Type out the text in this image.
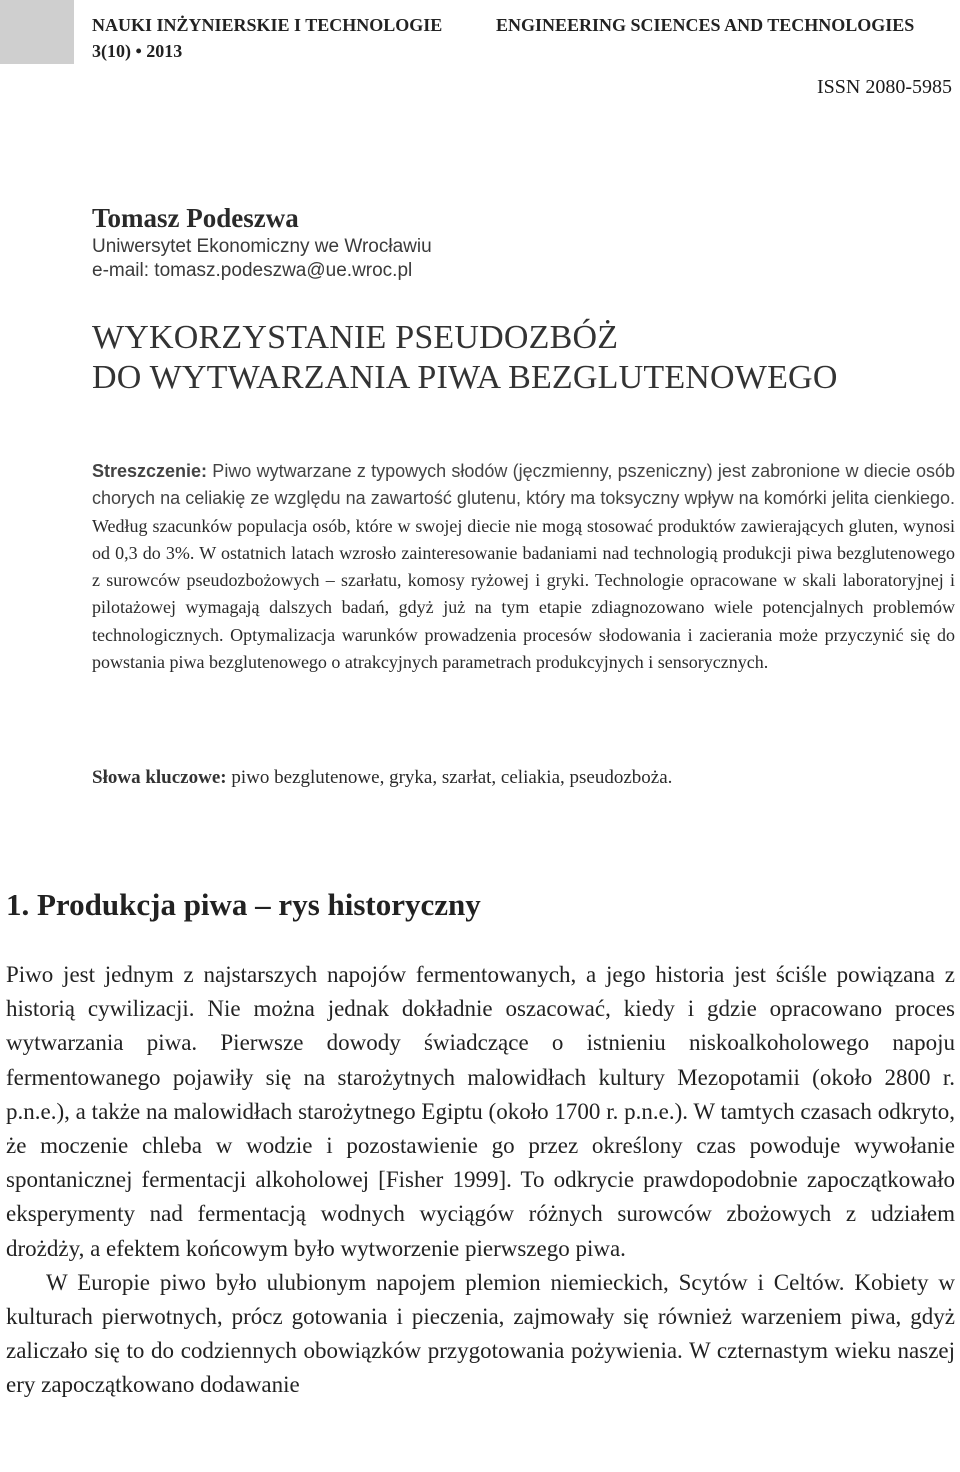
NAUKI INŻYNIERSKIE I TECHNOLOGIE
3(10) • 2013
ENGINEERING SCIENCES AND TECHNOLOGIES
ISSN 2080-5985
Tomasz Podeszwa
Uniwersytet Ekonomiczny we Wrocławiu
e-mail: tomasz.podeszwa@ue.wroc.pl
WYKORZYSTANIE PSEUDOZBÓŻ
DO WYTWARZANIA PIWA BEZGLUTENOWEGO

Streszczenie: Piwo wytwarzane z typowych słodów (jęczmienny, pszeniczny) jest zabronione w diecie osób chorych na celiakię ze względu na zawartość glutenu, który ma toksyczny wpływ na komórki jelita cienkiego. Według szacunków populacja osób, które w swojej diecie nie mogą stosować produktów zawierających gluten, wynosi od 0,3 do 3%. W ostatnich latach wzrosło zainteresowanie badaniami nad technologią produkcji piwa bezglutenowego z surowców pseudozbożowych – szarłatu, komosy ryżowej i gryki. Technologie opracowane w skali laboratoryjnej i pilotażowej wymagają dalszych badań, gdyż już na tym etapie zdiagnozowano wiele potencjalnych problemów technologicznych. Optymalizacja warunków prowadzenia procesów słodowania i zacierania może przyczynić się do powstania piwa bezglutenowego o atrakcyjnych parametrach produkcyjnych i sensorycznych.

Słowa kluczowe: piwo bezglutenowe, gryka, szarłat, celiakia, pseudozboża.

1. Produkcja piwa – rys historyczny

Piwo jest jednym z najstarszych napojów fermentowanych, a jego historia jest ściśle powiązana z historią cywilizacji. Nie można jednak dokładnie oszacować, kiedy i gdzie opracowano proces wytwarzania piwa. Pierwsze dowody świadczące o istnieniu niskoalkoholowego napoju fermentowanego pojawiły się na starożytnych malowidłach kultury Mezopotamii (około 2800 r. p.n.e.), a także na malowidłach starożytnego Egiptu (około 1700 r. p.n.e.). W tamtych czasach odkryto, że moczenie chleba w wodzie i pozostawienie go przez określony czas powoduje wywołanie spontanicznej fermentacji alkoholowej [Fisher 1999]. To odkrycie prawdopodobnie zapoczątkowało eksperymenty nad fermentacją wodnych wyciągów różnych surowców zbożowych z udziałem drożdży, a efektem końcowym było wytworzenie pierwszego piwa.

W Europie piwo było ulubionym napojem plemion niemieckich, Scytów i Celtów. Kobiety w kulturach pierwotnych, prócz gotowania i pieczenia, zajmowały się również warzeniem piwa, gdyż zaliczało się to do codziennych obowiązków przygotowania pożywienia. W czternastym wieku naszej ery zapoczątkowano dodawanie
